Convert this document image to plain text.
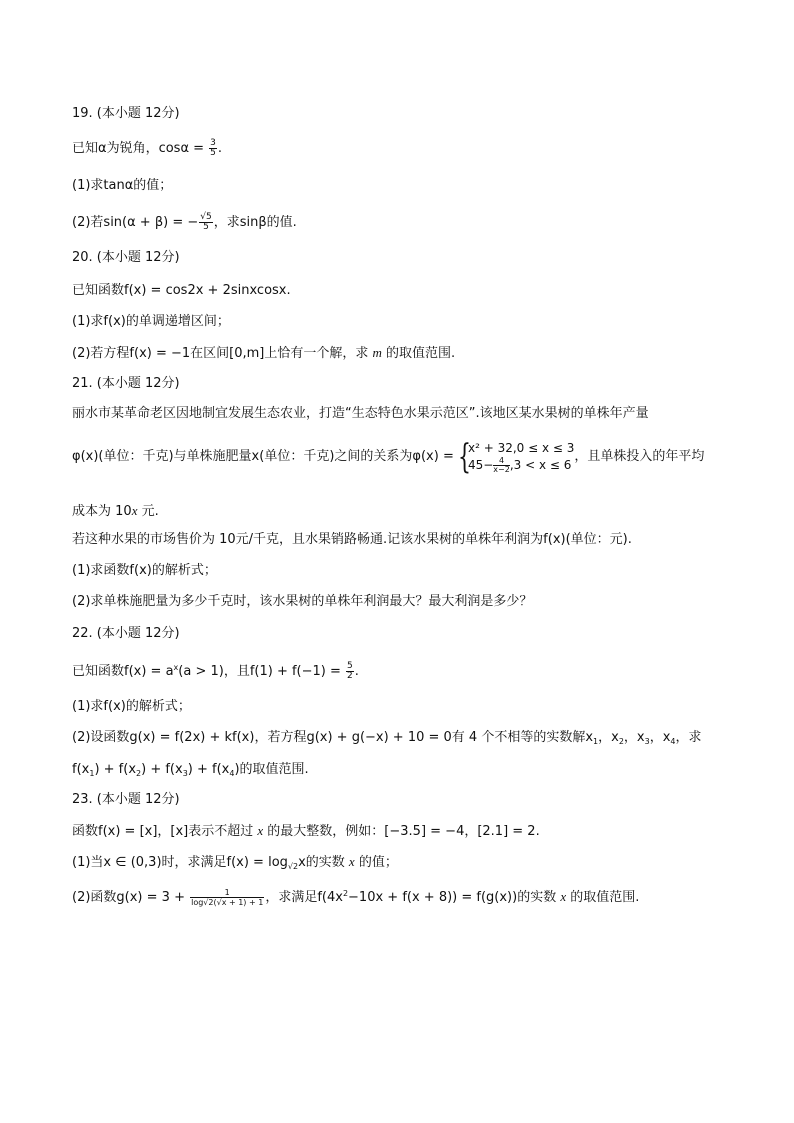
19. (本小题 12分)
已知α为锐角，$\cos\alpha = \frac{3}{5}$ .
(1)求tanα的值；
(2)若sin(α + β) = − $\frac{√5}{5}$ ，求sinβ的值.
20. (本小题 12分)
已知函数f(x) = cos2x + 2sinxcosx.
(1)求f(x)的单调递增区间；
(2)若方程f(x) = −1在区间[0,m]上恰有一个解，求 m 的取值范围.
21. (本小题 12分)
丽水市某革命老区因地制宜发展生态农业，打造“生态特色水果示范区”.该地区某水果树的单株年产量
φ(x)(单位：千克)与单株施肥量x(单位：千克)之间的关系为φ(x) = {
x² + 32,0 ≤ x ≤ 3
$45- \frac{4}{x-2} ,3 < x \le 6$
，且单株投入的年平均
成本为 10x 元.
若这种水果的市场售价为 10元/千克，且水果销路畅通.记该水果树的单株年利润为f(x)(单位：元).
(1)求函数f(x)的解析式；
(2)求单株施肥量为多少千克时，该水果树的单株年利润最大？最大利润是多少？
22. (本小题 12分)
已知函数$f(x) = a^x(a > 1)$，且$f(1) + f(-1) = \frac{5}{2}$ .
(1)求f(x)的解析式；
(2)设函数g(x) = f(2x) + kf(x)，若方程g(x) + g(−x) + 10 = 0有 4 个不相等的实数解$x_1$，$x_2$，$x_3$，$x_4$，求
$f(x_1) + f(x_2) + f(x_3) + f(x_4)$的取值范围.
23. (本小题 12分)
函数f(x) = [x]，[x]表示不超过 x 的最大整数，例如：[−3.5] = −4，[2.1] = 2.
(1)当x ∈ (0,3)时，求满足$f(x) = \log_{√2}x$的实数 x 的值；
(2)函数$g(x) = 3 + \frac{1}{\log√2(√x + 1) + 1}$ ，求满足$f(4x^2-10x + f(x + 8)) = f(g(x))$的实数 x 的取值范围.
